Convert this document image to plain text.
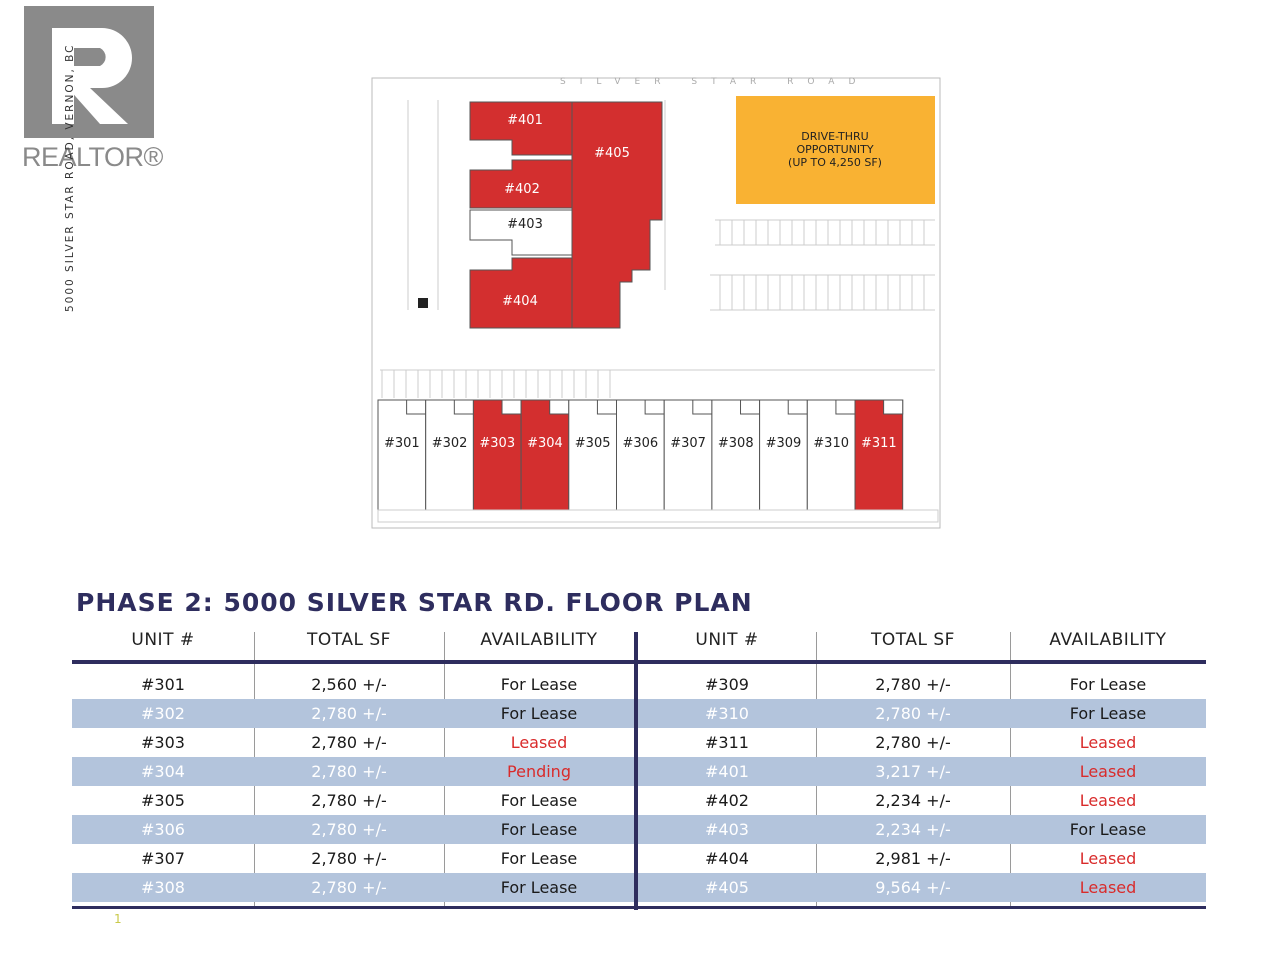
REALTOR®
5000 SILVER STAR ROAD, VERNON, BC	SILVER STAR ROAD
#401
#402
#403
#404
#405
DRIVE-THRU
OPPORTUNITY
(UP TO 4,250 SF)
#301 #302 #303 #304 #305 #306 #307 #308 #309 #310 #311
PHASE 2: 5000 SILVER STAR RD. FLOOR PLAN
UNIT #	TOTAL SF	AVAILABILITY	UNIT #	TOTAL SF	AVAILABILITY
#301	2,560 +/-	For Lease	#309	2,780 +/-	For Lease
#302	2,780 +/-	For Lease	#310	2,780 +/-	For Lease
#303	2,780 +/-	Leased	#311	2,780 +/-	Leased
#304	2,780 +/-	Pending	#401	3,217 +/-	Leased
#305	2,780 +/-	For Lease	#402	2,234 +/-	Leased
#306	2,780 +/-	For Lease	#403	2,234 +/-	For Lease
#307	2,780 +/-	For Lease	#404	2,981 +/-	Leased
#308	2,780 +/-	For Lease	#405	9,564 +/-	Leased
1
